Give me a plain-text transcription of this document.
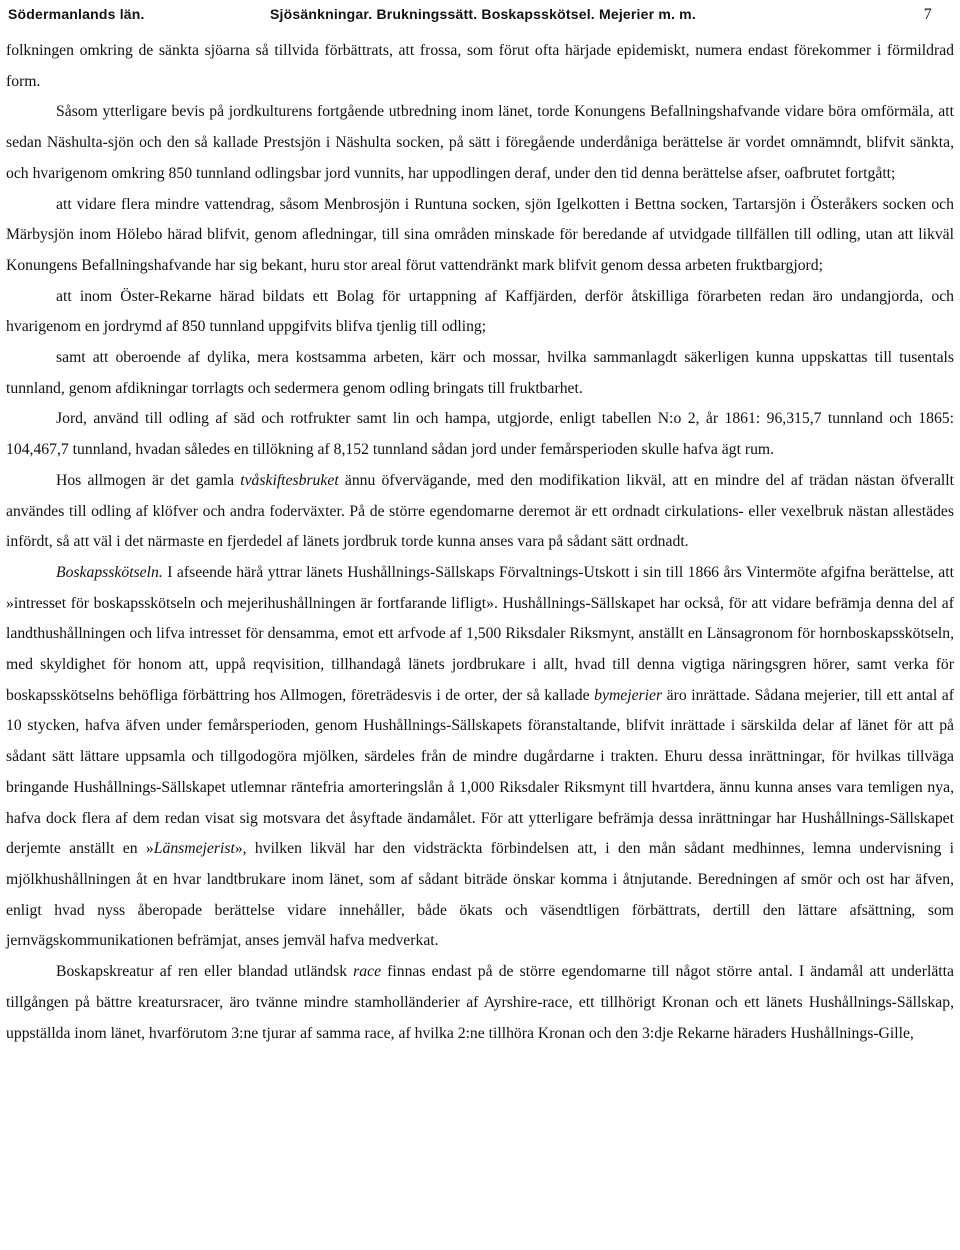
Södermanlands län.	Sjösänkningar. Brukningssätt. Boskapsskötsel. Mejerier m. m.	7

folkningen omkring de sänkta sjöarna så tillvida förbättrats, att frossa, som förut ofta härjade epidemiskt, numera endast förekommer i förmildrad form.

Såsom ytterligare bevis på jordkulturens fortgående utbredning inom länet, torde Konungens Befallningshafvande vidare böra omförmäla, att sedan Näshulta-sjön och den så kallade Prestsjön i Näshulta socken, på sätt i föregående underdåniga berättelse är vordet omnämndt, blifvit sänkta, och hvarigenom omkring 850 tunnland odlingsbar jord vunnits, har uppodlingen deraf, under den tid denna berättelse afser, oafbrutet fortgått;

att vidare flera mindre vattendrag, såsom Menbrosjön i Runtuna socken, sjön Igelkotten i Bettna socken, Tartarsjön i Österåkers socken och Märbysjön inom Hölebo härad blifvit, genom afledningar, till sina områden minskade för beredande af utvidgade tillfällen till odling, utan att likväl Konungens Befallningshafvande har sig bekant, huru stor areal förut vattendränkt mark blifvit genom dessa arbeten fruktbargjord;

att inom Öster-Rekarne härad bildats ett Bolag för urtappning af Kaffjärden, derför åtskilliga förarbeten redan äro undangjorda, och hvarigenom en jordrymd af 850 tunnland uppgifvits blifva tjenlig till odling;

samt att oberoende af dylika, mera kostsamma arbeten, kärr och mossar, hvilka sammanlagdt säkerligen kunna uppskattas till tusentals tunnland, genom afdikningar torrlagts och sedermera genom odling bringats till fruktbarhet.

Jord, använd till odling af säd och rotfrukter samt lin och hampa, utgjorde, enligt tabellen N:o 2, år 1861: 96,315,7 tunnland och 1865: 104,467,7 tunnland, hvadan således en tillökning af 8,152 tunnland sådan jord under femårsperioden skulle hafva ägt rum.

Hos allmogen är det gamla tvåskiftesbruket ännu öfvervägande, med den modifikation likväl, att en mindre del af trädan nästan öfverallt användes till odling af klöfver och andra foderväxter. På de större egendomarne deremot är ett ordnadt cirkulations- eller vexelbruk nästan allestädes infördt, så att väl i det närmaste en fjerdedel af länets jordbruk torde kunna anses vara på sådant sätt ordnadt.

Boskapsskötseln. I afseende härå yttrar länets Hushållnings-Sällskaps Förvaltnings-Utskott i sin till 1866 års Vintermöte afgifna berättelse, att »intresset för boskapsskötseln och mejerihushållningen är fortfarande lifligt». Hushållnings-Sällskapet har också, för att vidare befrämja denna del af landthushållningen och lifva intresset för densamma, emot ett arfvode af 1,500 Riksdaler Riksmynt, anställt en Länsagronom för hornboskapsskötseln, med skyldighet för honom att, uppå reqvisition, tillhandagå länets jordbrukare i allt, hvad till denna vigtiga näringsgren hörer, samt verka för boskapsskötselns behöfliga förbättring hos Allmogen, företrädesvis i de orter, der så kallade bymejerier äro inrättade. Sådana mejerier, till ett antal af 10 stycken, hafva äfven under femårsperioden, genom Hushållnings-Sällskapets föranstaltande, blifvit inrättade i särskilda delar af länet för att på sådant sätt lättare uppsamla och tillgodogöra mjölken, särdeles från de mindre dugårdarne i trakten. Ehuru dessa inrättningar, för hvilkas tillväga bringande Hushållnings-Sällskapet utlemnar räntefria amorteringslån å 1,000 Riksdaler Riksmynt till hvartdera, ännu kunna anses vara temligen nya, hafva dock flera af dem redan visat sig motsvara det åsyftade ändamålet. För att ytterligare befrämja dessa inrättningar har Hushållnings-Sällskapet derjemte anställt en »Länsmejerist», hvilken likväl har den vidsträckta förbindelsen att, i den mån sådant medhinnes, lemna undervisning i mjölkhushållningen åt en hvar landtbrukare inom länet, som af sådant biträde önskar komma i åtnjutande. Beredningen af smör och ost har äfven, enligt hvad nyss åberopade berättelse vidare innehåller, både ökats och väsendtligen förbättrats, dertill den lättare afsättning, som jernvägskommunikationen befrämjat, anses jemväl hafva medverkat.

Boskapskreatur af ren eller blandad utländsk race finnas endast på de större egendomarne till något större antal. I ändamål att underlätta tillgången på bättre kreatursracer, äro tvänne mindre stamholländerier af Ayrshire-race, ett tillhörigt Kronan och ett länets Hushållnings-Sällskap, uppställda inom länet, hvarförutom 3:ne tjurar af samma race, af hvilka 2:ne tillhöra Kronan och den 3:dje Rekarne häraders Hushållnings-Gille,
